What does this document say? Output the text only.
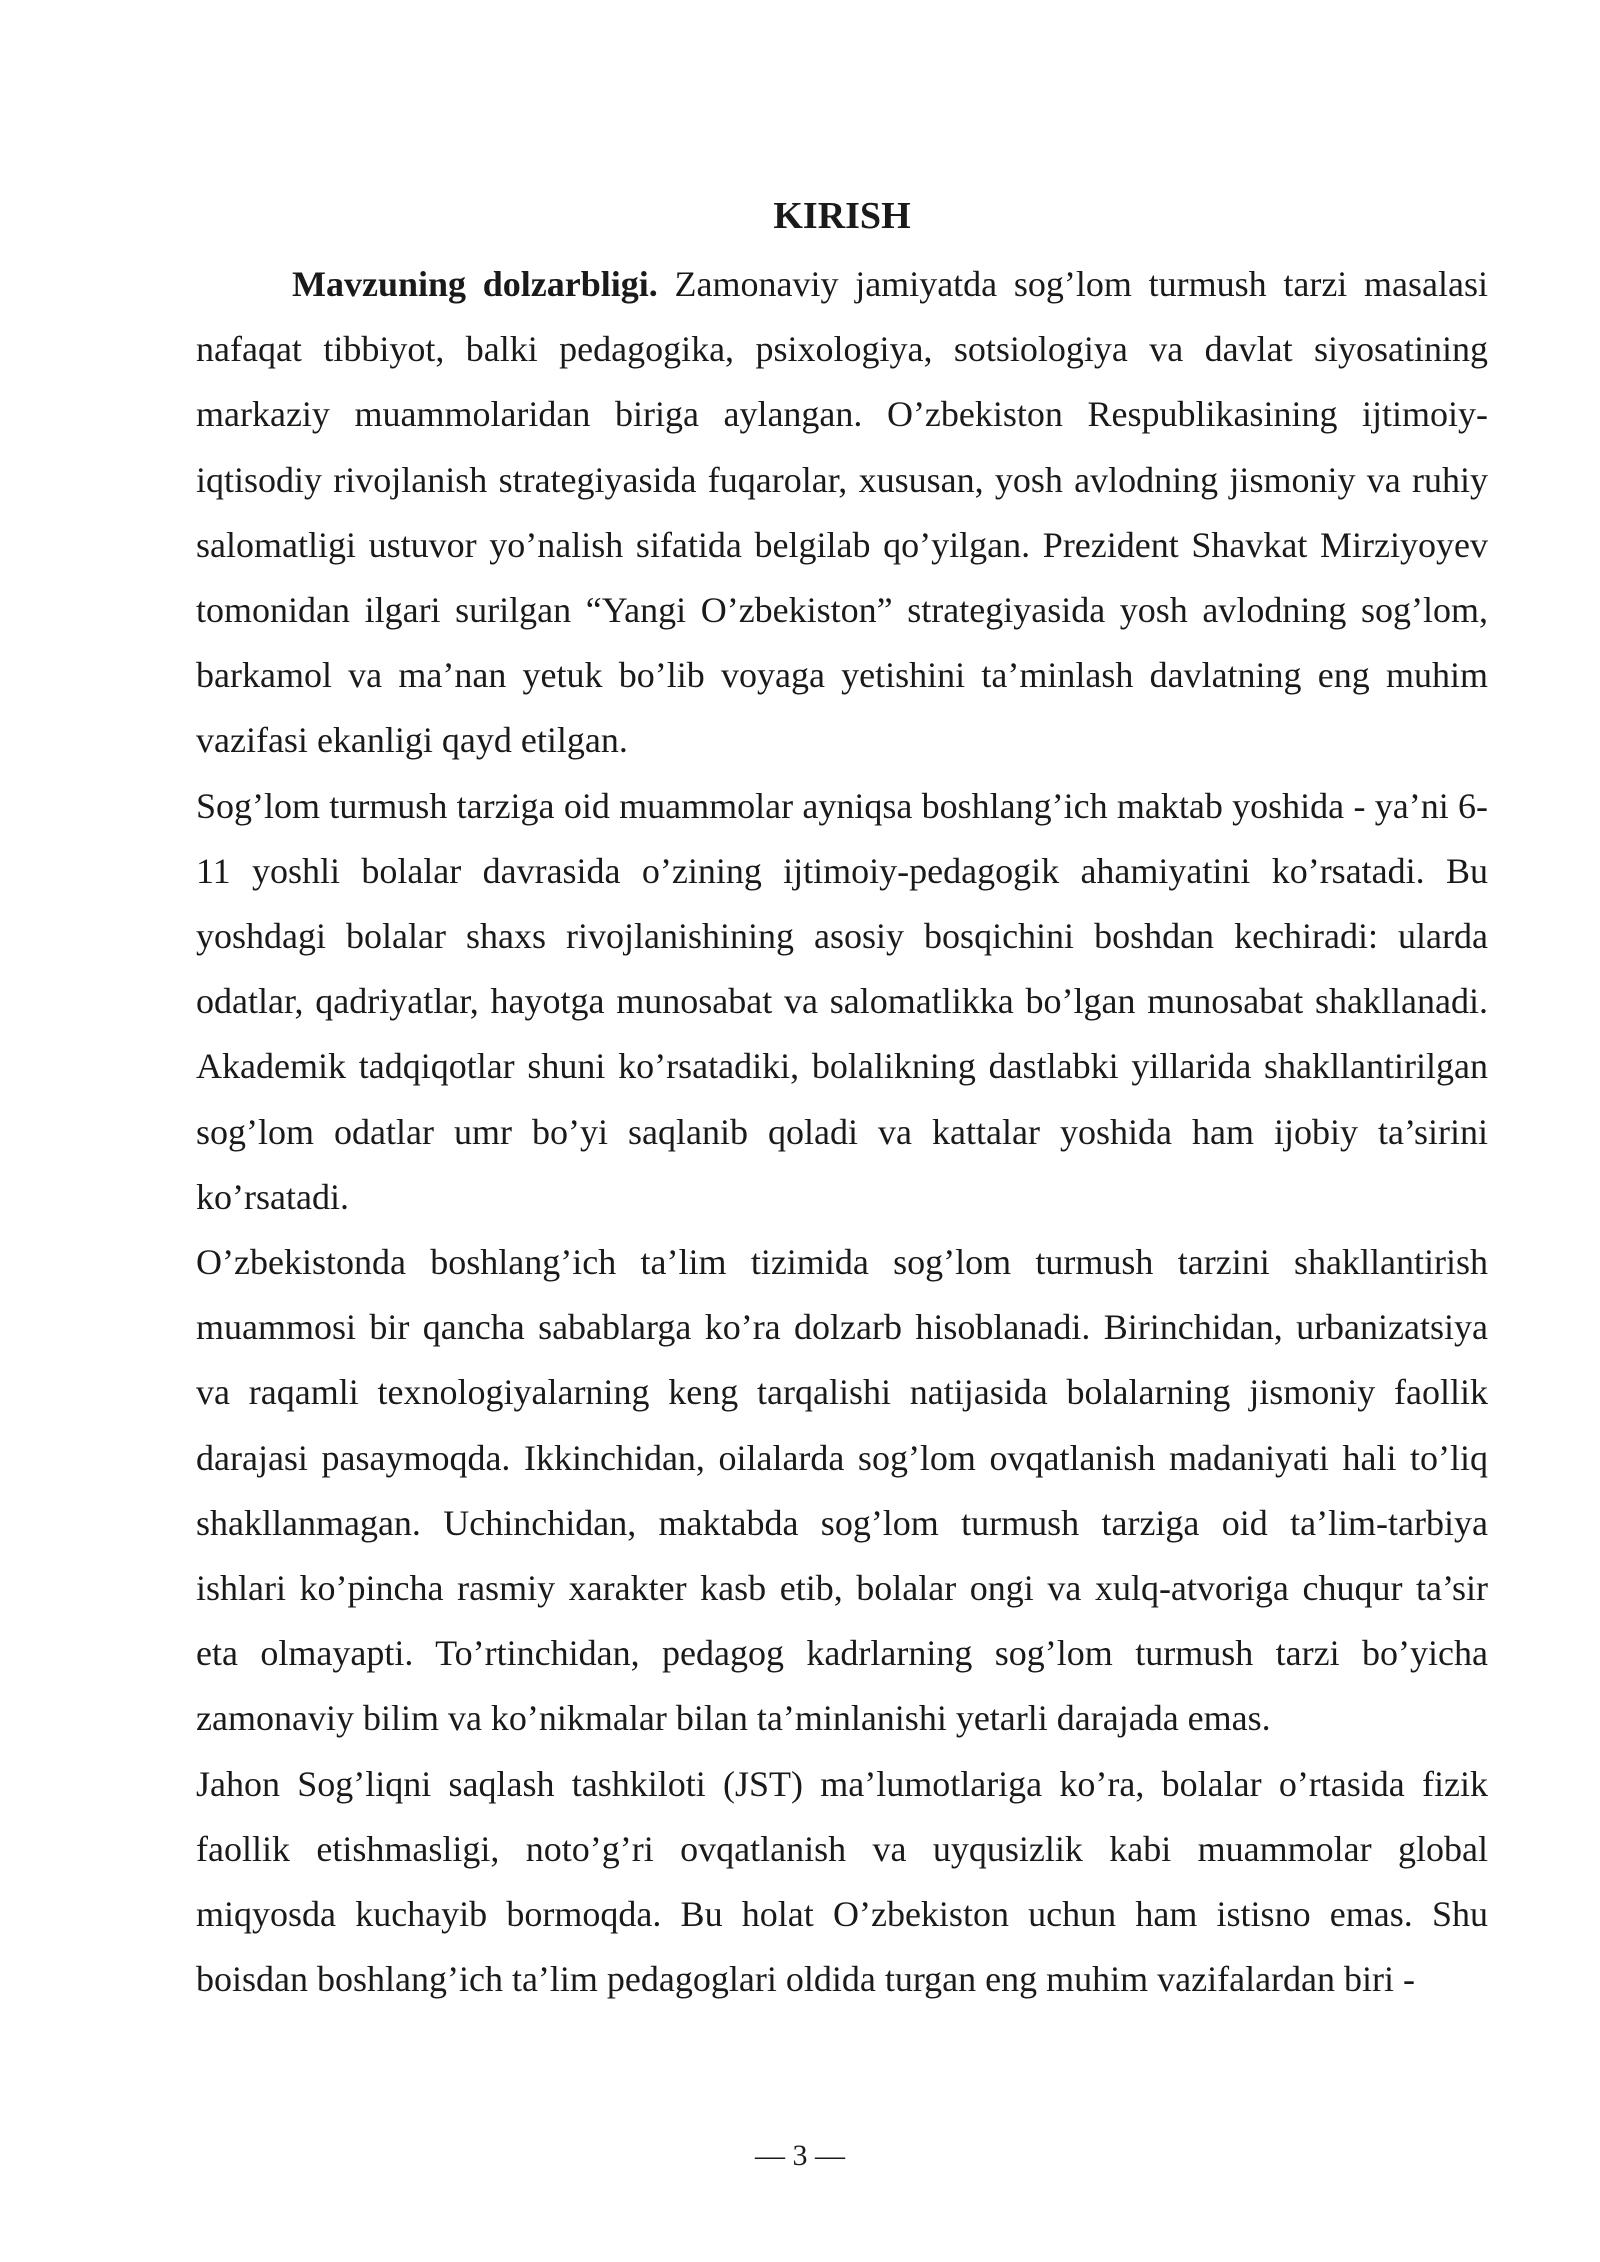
KIRISH

Mavzuning dolzarbligi. Zamonaviy jamiyatda sog’lom turmush tarzi masalasi nafaqat tibbiyot, balki pedagogika, psixologiya, sotsiologiya va davlat siyosatining markaziy muammolaridan biriga aylangan. O’zbekiston Respublikasining ijtimoiy-iqtisodiy rivojlanish strategiyasida fuqarolar, xususan, yosh avlodning jismoniy va ruhiy salomatligi ustuvor yo’nalish sifatida belgilab qo’yilgan. Prezident Shavkat Mirziyoyev tomonidan ilgari surilgan “Yangi O’zbekiston” strategiyasida yosh avlodning sog’lom, barkamol va ma’nan yetuk bo’lib voyaga yetishini ta’minlash davlatning eng muhim vazifasi ekanligi qayd etilgan.

Sog’lom turmush tarziga oid muammolar ayniqsa boshlang’ich maktab yoshida - ya’ni 6-11 yoshli bolalar davrasida o’zining ijtimoiy-pedagogik ahamiyatini ko’rsatadi. Bu yoshdagi bolalar shaxs rivojlanishining asosiy bosqichini boshdan kechiradi: ularda odatlar, qadriyatlar, hayotga munosabat va salomatlikka bo’lgan munosabat shakllanadi. Akademik tadqiqotlar shuni ko’rsatadiki, bolalikning dastlabki yillarida shakllantirilgan sog’lom odatlar umr bo’yi saqlanib qoladi va kattalar yoshida ham ijobiy ta’sirini ko’rsatadi.

O’zbekistonda boshlang’ich ta’lim tizimida sog’lom turmush tarzini shakllantirish muammosi bir qancha sabablarga ko’ra dolzarb hisoblanadi. Birinchidan, urbanizatsiya va raqamli texnologiyalarning keng tarqalishi natijasida bolalarning jismoniy faollik darajasi pasaymoqda. Ikkinchidan, oilalarda sog’lom ovqatlanish madaniyati hali to’liq shakllanmagan. Uchinchidan, maktabda sog’lom turmush tarziga oid ta’lim-tarbiya ishlari ko’pincha rasmiy xarakter kasb etib, bolalar ongi va xulq-atvoriga chuqur ta’sir eta olmayapti. To’rtinchidan, pedagog kadrlarning sog’lom turmush tarzi bo’yicha zamonaviy bilim va ko’nikmalar bilan ta’minlanishi yetarli darajada emas.

Jahon Sog’liqni saqlash tashkiloti (JST) ma’lumotlariga ko’ra, bolalar o’rtasida fizik faollik etishmasligi, noto’g’ri ovqatlanish va uyqusizlik kabi muammolar global miqyosda kuchayib bormoqda. Bu holat O’zbekiston uchun ham istisno emas. Shu boisdan boshlang’ich ta’lim pedagoglari oldida turgan eng muhim vazifalardan biri -

— 3 —
